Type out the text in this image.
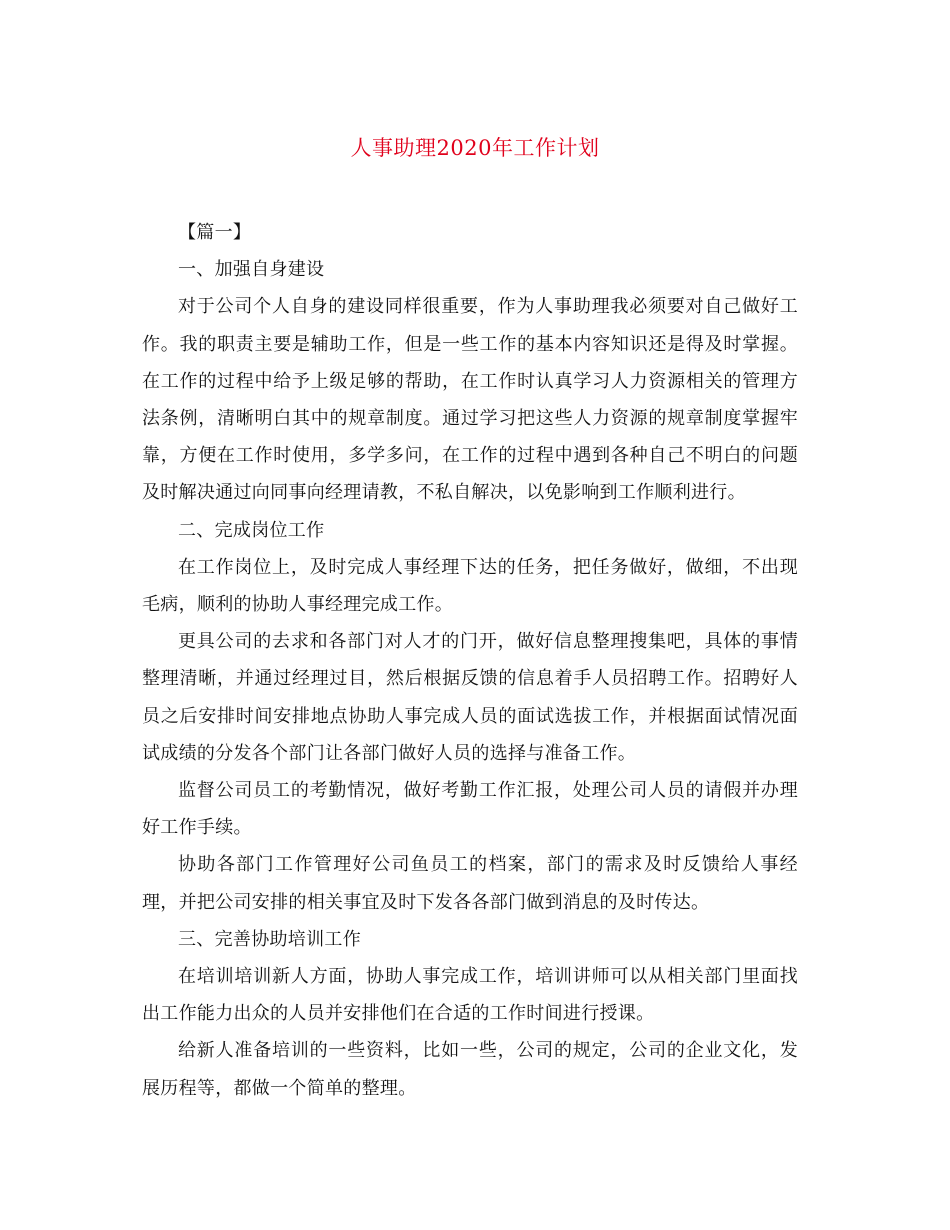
人事助理2020年工作计划

【篇一】

一、加强自身建设

对于公司个人自身的建设同样很重要，作为人事助理我必须要对自己做好工作。我的职责主要是辅助工作，但是一些工作的基本内容知识还是得及时掌握。在工作的过程中给予上级足够的帮助，在工作时认真学习人力资源相关的管理方法条例，清晰明白其中的规章制度。通过学习把这些人力资源的规章制度掌握牢靠，方便在工作时使用，多学多问，在工作的过程中遇到各种自己不明白的问题及时解决通过向同事向经理请教，不私自解决，以免影响到工作顺利进行。

二、完成岗位工作

在工作岗位上，及时完成人事经理下达的任务，把任务做好，做细，不出现毛病，顺利的协助人事经理完成工作。

更具公司的去求和各部门对人才的门开，做好信息整理搜集吧，具体的事情整理清晰，并通过经理过目，然后根据反馈的信息着手人员招聘工作。招聘好人员之后安排时间安排地点协助人事完成人员的面试选拔工作，并根据面试情况面试成绩的分发各个部门让各部门做好人员的选择与准备工作。

监督公司员工的考勤情况，做好考勤工作汇报，处理公司人员的请假并办理好工作手续。

协助各部门工作管理好公司鱼员工的档案，部门的需求及时反馈给人事经理，并把公司安排的相关事宜及时下发各各部门做到消息的及时传达。

三、完善协助培训工作

在培训培训新人方面，协助人事完成工作，培训讲师可以从相关部门里面找出工作能力出众的人员并安排他们在合适的工作时间进行授课。

给新人准备培训的一些资料，比如一些，公司的规定，公司的企业文化，发展历程等，都做一个简单的整理。
